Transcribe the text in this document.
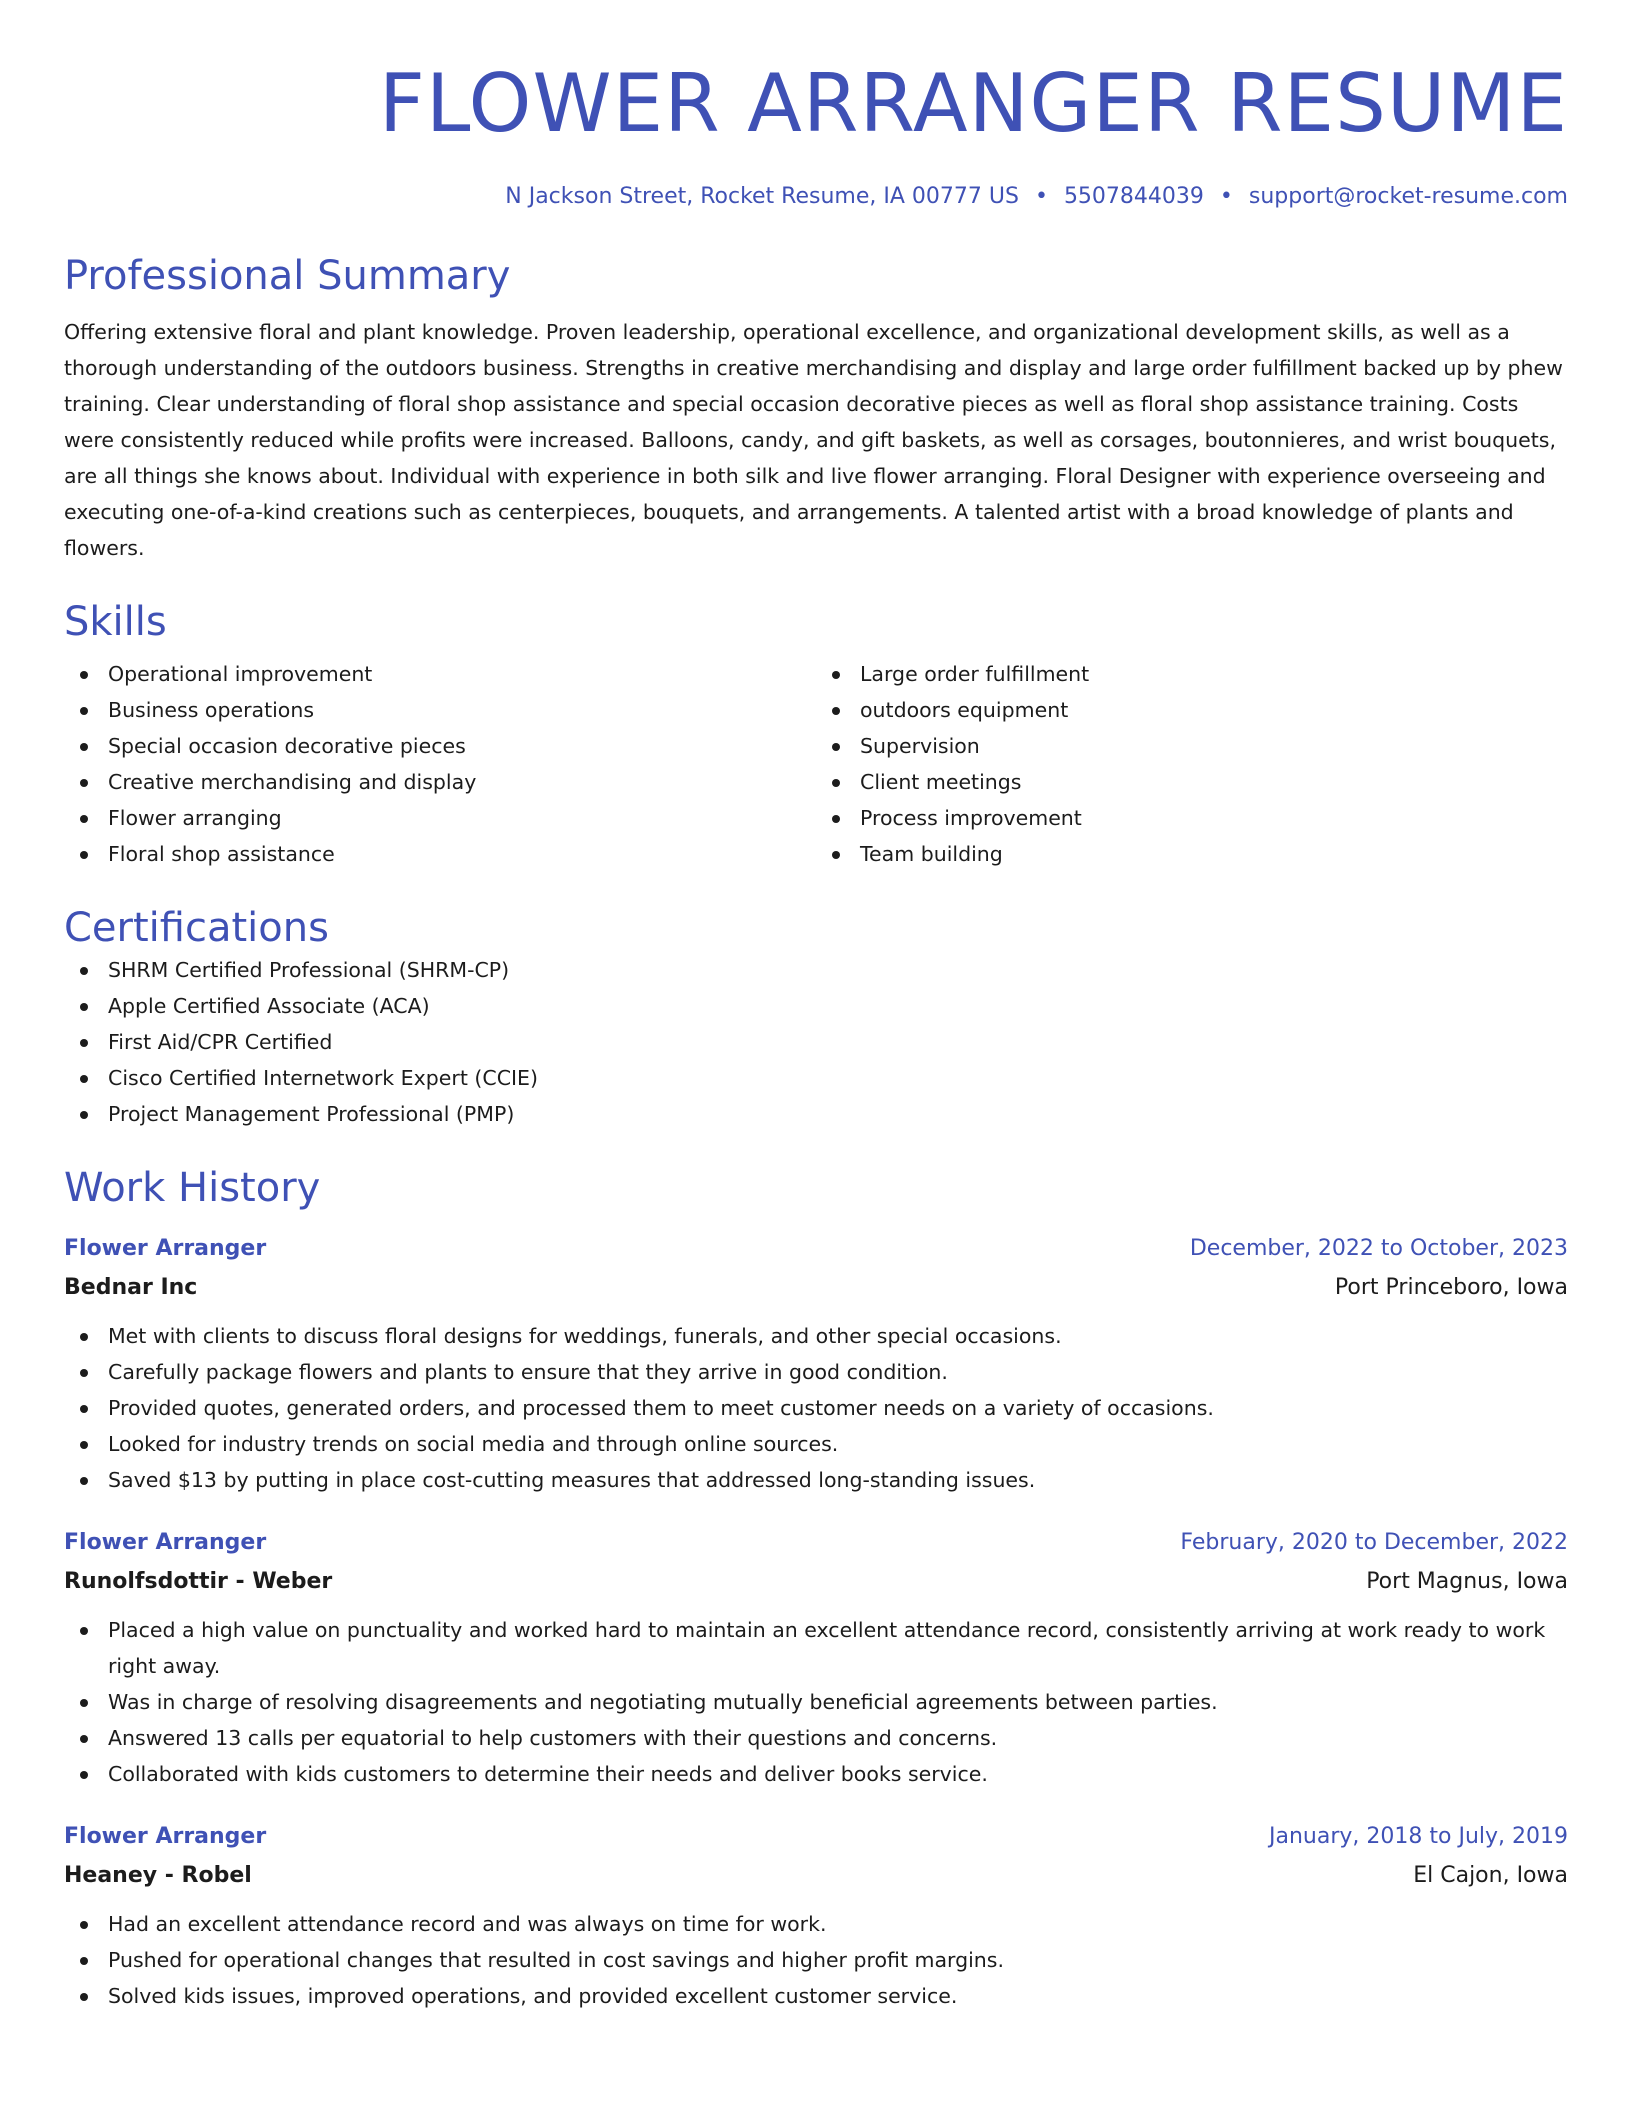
FLOWER ARRANGER RESUME
N Jackson Street, Rocket Resume, IA 00777 US • 5507844039 • support@rocket-resume.com
Professional Summary

Offering extensive floral and plant knowledge. Proven leadership, operational excellence, and organizational development skills, as well as a thorough understanding of the outdoors business. Strengths in creative merchandising and display and large order fulfillment backed up by phew training. Clear understanding of floral shop assistance and special occasion decorative pieces as well as floral shop assistance training. Costs were consistently reduced while profits were increased. Balloons, candy, and gift baskets, as well as corsages, boutonnieres, and wrist bouquets, are all things she knows about. Individual with experience in both silk and live flower arranging. Floral Designer with experience overseeing and executing one-of-a-kind creations such as centerpieces, bouquets, and arrangements. A talented artist with a broad knowledge of plants and flowers.

Skills
Operational improvement
Business operations
Special occasion decorative pieces
Creative merchandising and display
Flower arranging
Floral shop assistance
Large order fulfillment
outdoors equipment
Supervision
Client meetings
Process improvement
Team building
Certifications
SHRM Certified Professional (SHRM-CP)
Apple Certified Associate (ACA)
First Aid/CPR Certified
Cisco Certified Internetwork Expert (CCIE)
Project Management Professional (PMP)
Work History
Flower Arranger	December, 2022 to October, 2023
Bednar Inc	Port Princeboro, Iowa
Met with clients to discuss floral designs for weddings, funerals, and other special occasions.
Carefully package flowers and plants to ensure that they arrive in good condition.
Provided quotes, generated orders, and processed them to meet customer needs on a variety of occasions.
Looked for industry trends on social media and through online sources.
Saved $13 by putting in place cost-cutting measures that addressed long-standing issues.
Flower Arranger	February, 2020 to December, 2022
Runolfsdottir - Weber	Port Magnus, Iowa
Placed a high value on punctuality and worked hard to maintain an excellent attendance record, consistently arriving at work ready to work right away.
Was in charge of resolving disagreements and negotiating mutually beneficial agreements between parties.
Answered 13 calls per equatorial to help customers with their questions and concerns.
Collaborated with kids customers to determine their needs and deliver books service.
Flower Arranger	January, 2018 to July, 2019
Heaney - Robel	El Cajon, Iowa
Had an excellent attendance record and was always on time for work.
Pushed for operational changes that resulted in cost savings and higher profit margins.
Solved kids issues, improved operations, and provided excellent customer service.
